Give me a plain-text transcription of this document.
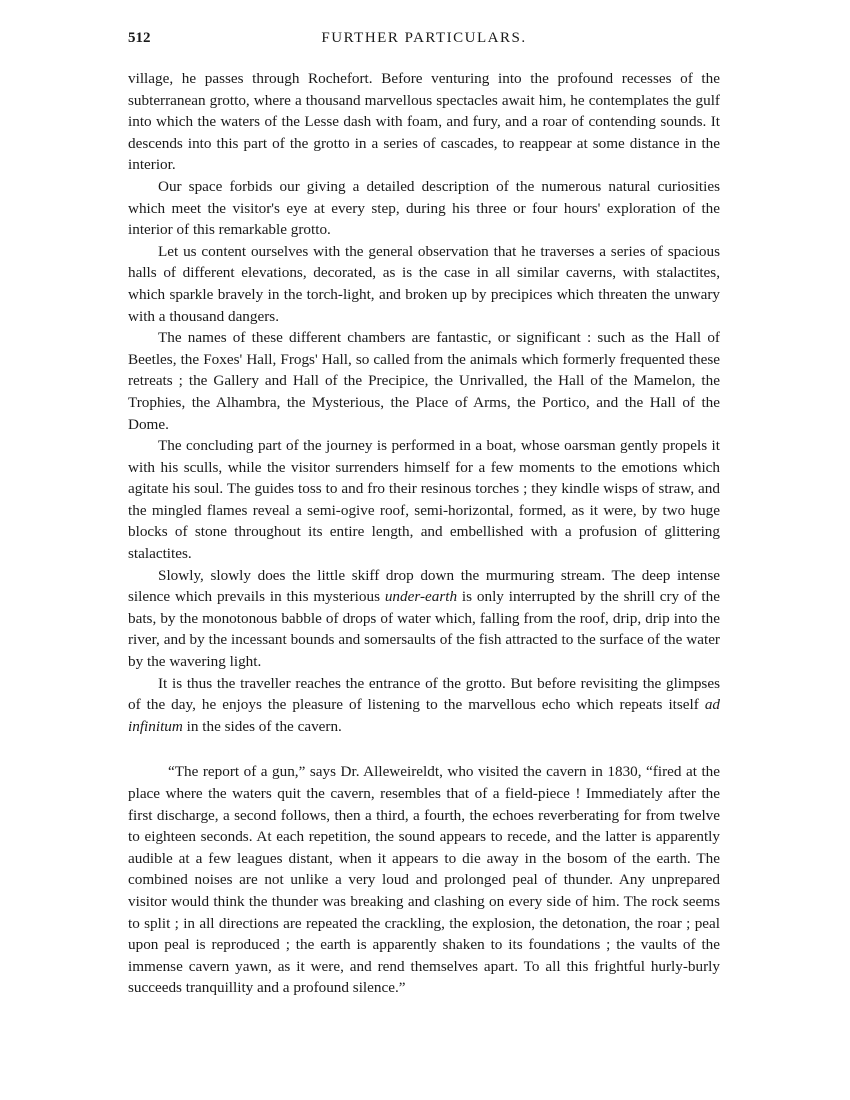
512	FURTHER PARTICULARS.

village, he passes through Rochefort. Before venturing into the profound recesses of the subterranean grotto, where a thousand marvellous spectacles await him, he contemplates the gulf into which the waters of the Lesse dash with foam, and fury, and a roar of contending sounds. It descends into this part of the grotto in a series of cascades, to reappear at some distance in the interior.

Our space forbids our giving a detailed description of the numerous natural curiosities which meet the visitor's eye at every step, during his three or four hours' exploration of the interior of this remarkable grotto.

Let us content ourselves with the general observation that he traverses a series of spacious halls of different elevations, decorated, as is the case in all similar caverns, with stalactites, which sparkle bravely in the torch-light, and broken up by precipices which threaten the unwary with a thousand dangers.

The names of these different chambers are fantastic, or significant : such as the Hall of Beetles, the Foxes' Hall, Frogs' Hall, so called from the animals which formerly frequented these retreats ; the Gallery and Hall of the Precipice, the Unrivalled, the Hall of the Mamelon, the Trophies, the Alhambra, the Mysterious, the Place of Arms, the Portico, and the Hall of the Dome.

The concluding part of the journey is performed in a boat, whose oarsman gently propels it with his sculls, while the visitor surrenders himself for a few moments to the emotions which agitate his soul. The guides toss to and fro their resinous torches ; they kindle wisps of straw, and the mingled flames reveal a semi-ogive roof, semi-horizontal, formed, as it were, by two huge blocks of stone throughout its entire length, and embellished with a profusion of glittering stalactites.

Slowly, slowly does the little skiff drop down the murmuring stream. The deep intense silence which prevails in this mysterious under-earth is only interrupted by the shrill cry of the bats, by the monotonous babble of drops of water which, falling from the roof, drip, drip into the river, and by the incessant bounds and somersaults of the fish attracted to the surface of the water by the wavering light.

It is thus the traveller reaches the entrance of the grotto. But before revisiting the glimpses of the day, he enjoys the pleasure of listening to the marvellous echo which repeats itself ad infinitum in the sides of the cavern.

“The report of a gun,” says Dr. Alleweireldt, who visited the cavern in 1830, “fired at the place where the waters quit the cavern, resembles that of a field-piece ! Immediately after the first discharge, a second follows, then a third, a fourth, the echoes reverberating for from twelve to eighteen seconds. At each repetition, the sound appears to recede, and the latter is apparently audible at a few leagues distant, when it appears to die away in the bosom of the earth. The combined noises are not unlike a very loud and prolonged peal of thunder. Any unprepared visitor would think the thunder was breaking and clashing on every side of him. The rock seems to split ; in all directions are repeated the crackling, the explosion, the detonation, the roar ; peal upon peal is reproduced ; the earth is apparently shaken to its foundations ; the vaults of the immense cavern yawn, as it were, and rend themselves apart. To all this frightful hurly-burly succeeds tranquillity and a profound silence.”
